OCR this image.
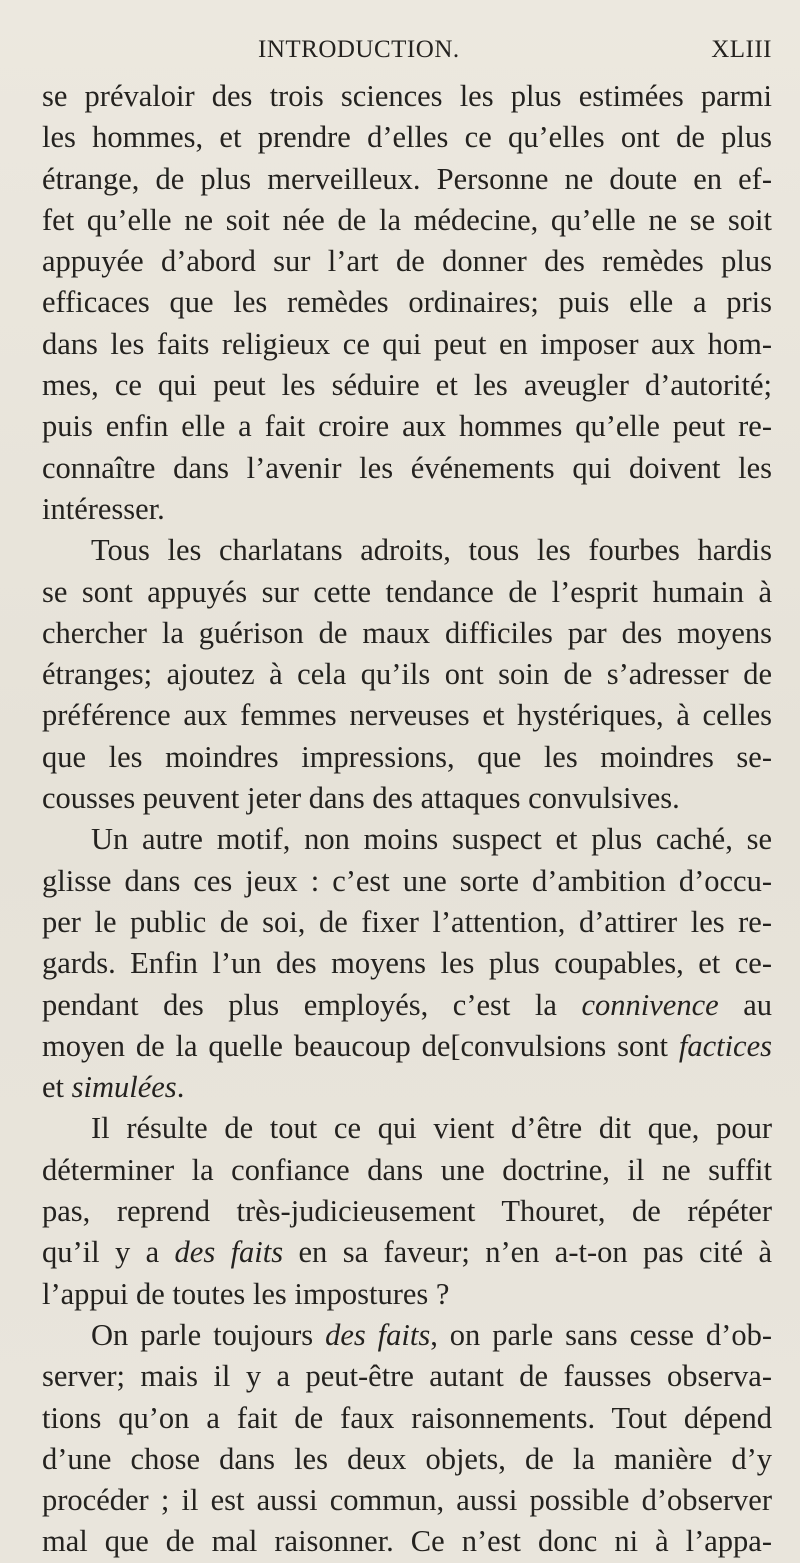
INTRODUCTION.	XLIII
se prévaloir des trois sciences les plus estimées parmi
les hommes, et prendre d’elles ce qu’elles ont de plus
étrange, de plus merveilleux. Personne ne doute en ef-
fet qu’elle ne soit née de la médecine, qu’elle ne se soit
appuyée d’abord sur l’art de donner des remèdes plus
efficaces que les remèdes ordinaires; puis elle a pris
dans les faits religieux ce qui peut en imposer aux hom-
mes, ce qui peut les séduire et les aveugler d’autorité;
puis enfin elle a fait croire aux hommes qu’elle peut re-
connaître dans l’avenir les événements qui doivent les
intéresser.
Tous les charlatans adroits, tous les fourbes hardis
se sont appuyés sur cette tendance de l’esprit humain à
chercher la guérison de maux difficiles par des moyens
étranges; ajoutez à cela qu’ils ont soin de s’adresser de
préférence aux femmes nerveuses et hystériques, à celles
que les moindres impressions, que les moindres se-
cousses peuvent jeter dans des attaques convulsives.
Un autre motif, non moins suspect et plus caché, se
glisse dans ces jeux : c’est une sorte d’ambition d’occu-
per le public de soi, de fixer l’attention, d’attirer les re-
gards. Enfin l’un des moyens les plus coupables, et ce-
pendant des plus employés, c’est la connivence au
moyen de la quelle beaucoup de[convulsions sont factices
et simulées.
Il résulte de tout ce qui vient d’être dit que, pour
déterminer la confiance dans une doctrine, il ne suffit
pas, reprend très-judicieusement Thouret, de répéter
qu’il y a des faits en sa faveur; n’en a-t-on pas cité à
l’appui de toutes les impostures ?
On parle toujours des faits, on parle sans cesse d’ob-
server; mais il y a peut-être autant de fausses observa-
tions qu’on a fait de faux raisonnements. Tout dépend
d’une chose dans les deux objets, de la manière d’y
procéder ; il est aussi commun, aussi possible d’observer
mal que de mal raisonner. Ce n’est donc ni à l’appa-
